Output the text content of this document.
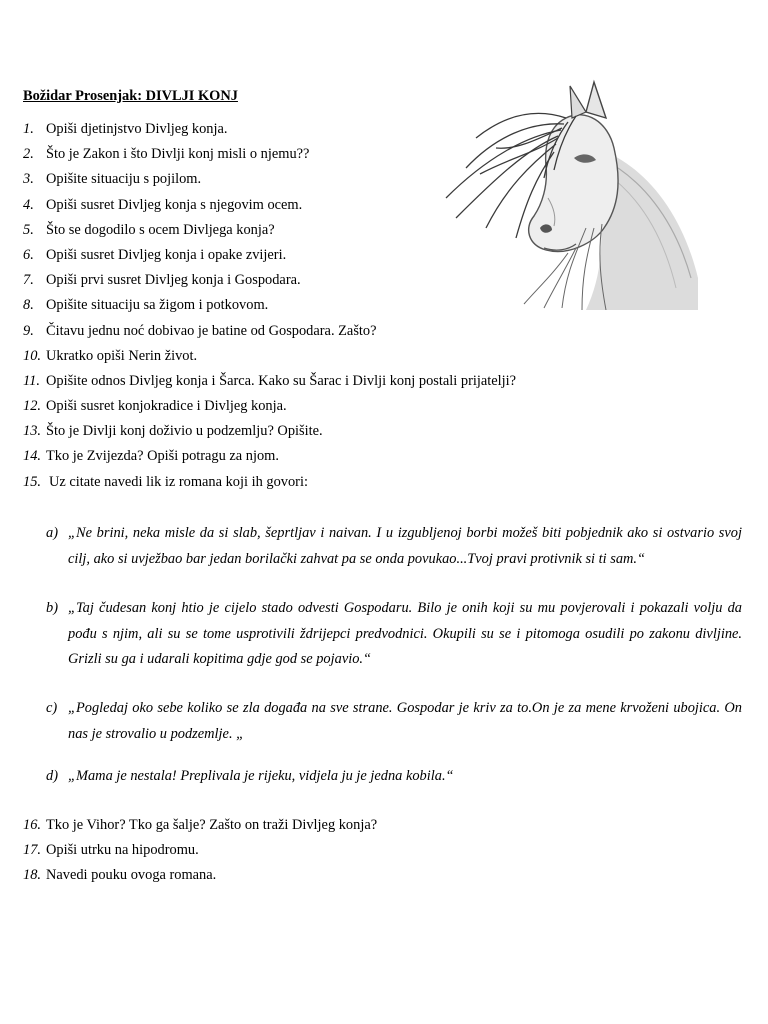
Božidar Prosenjak: DIVLJI KONJ
1. Opiši djetinjstvo Divljeg konja.
2. Što je Zakon i što Divlji konj misli o njemu??
3. Opišite situaciju s pojilom.
4. Opiši susret Divljeg konja s njegovim ocem.
5. Što se dogodilo s ocem Divljega konja?
6. Opiši susret Divljeg konja i opake zvijeri.
7. Opiši prvi susret Divljeg konja i Gospodara.
8. Opišite situaciju sa žigom i potkovom.
9. Čitavu jednu noć dobivao je batine od Gospodara. Zašto?
10. Ukratko opiši Nerin život.
11. Opišite odnos Divljeg konja i Šarca. Kako su Šarac i Divlji konj postali prijatelji?
12. Opiši susret konjokradice i Divljeg konja.
13. Što je Divlji konj doživio u podzemlju? Opišite.
14. Tko je Zvijezda? Opiši potragu za njom.
15. Uz citate navedi lik iz romana koji ih govori:
a) „Ne brini, neka misle da si slab, šeprtljav i naivan. I u izgubljenoj borbi možeš biti pobjednik ako si ostvario svoj cilj, ako si uvježbao bar jedan borilački zahvat pa se onda povukao...Tvoj pravi protivnik si ti sam.“
b) „Taj čudesan konj htio je cijelo stado odvesti Gospodaru. Bilo je onih koji su mu povjerovali i pokazali volju da pođu s njim, ali su se tome usprotivili ždrijepci predvodnici. Okupili su se i pitomoga osudili po zakonu divljine. Grizli su ga i udarali kopitima gdje god se pojavio.“
c) „Pogledaj oko sebe koliko se zla događa na sve strane. Gospodar je kriv za to.On je za mene krvoženi ubojica. On nas je strovalio u podzemlje. „
d) „Mama je nestala! Preplivala je rijeku, vidjela ju je jedna kobila.“
16. Tko je Vihor? Tko ga šalje? Zašto on traži Divljeg konja?
17. Opiši utrku na hipodromu.
18. Navedi pouku ovoga romana.
